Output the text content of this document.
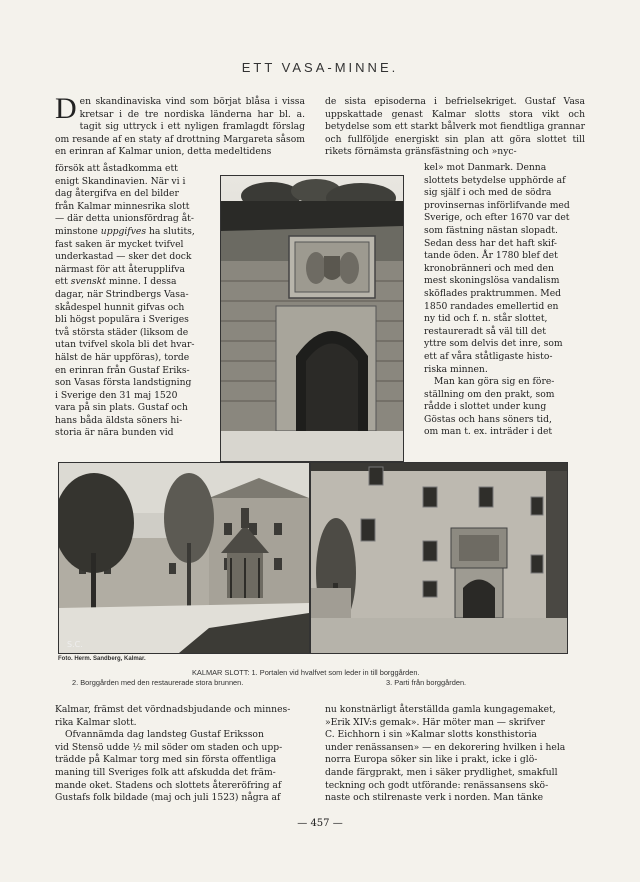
ETT VASA-MINNE.
Den skandinaviska vind som börjat blåsa i vissa kretsar i de tre nordiska länderna har bl. a. tagit sig uttryck i ett nyligen framlagdt förslag om resande af en staty af drottning Margareta såsom en erinran af Kalmar union, detta medeltidens
försök att åstadkomma ett
enigt Skandinavien. När vi i
dag återgifva en del bilder
från Kalmar minnesrika slott
— där detta unionsfördrag åt-
minstone uppgifves ha slutits,
fast saken är mycket tvifvel
underkastad — sker det dock
närmast för att återupplifva
ett svenskt minne. I dessa
dagar, när Strindbergs Vasa-
skådespel hunnit gifvas och
bli högst populära i Sveriges
två största städer (liksom de
utan tvifvel skola bli det hvar-
hälst de här uppföras), torde
en erinran från Gustaf Eriks-
son Vasas första landstigning
i Sverige den 31 maj 1520
vara på sin plats. Gustaf och
hans båda äldsta söners hi-
storia är nära bunden vid
de sista episoderna i befrielsekriget. Gustaf Vasa uppskattade genast Kalmar slotts stora vikt och betydelse som ett starkt bålverk mot fiendtliga grannar och fullföljde energiskt sin plan att göra slottet till rikets förnämsta gränsfästning och »nyc-
kel» mot Danmark. Denna
slottets betydelse upphörde af
sig själf i och med de södra
provinsernas införlifvande med
Sverige, och efter 1670 var det
som fästning nästan slopadt.
Sedan dess har det haft skif-
tande öden. År 1780 blef det
kronobränneri och med den
mest skoningslösa vandalism
sköflades praktrummen. Med
1850 randades emellertid en
ny tid och f. n. står slottet,
restaureradt så väl till det
yttre som delvis det inre, som
ett af våra ståtligaste histo-
riska minnen.
Man kan göra sig en före-
ställning om den prakt, som
rådde i slottet under kung
Göstas och hans söners tid,
om man t. ex. inträder i det
S.C.
Foto. Herm. Sandberg, Kalmar.
KALMAR SLOTT: 1. Portalen vid hvalfvet som leder in till borggården.
2. Borggården med den restaurerade stora brunnen.	3. Parti från borggården.
Kalmar, främst det vördnadsbjudande och minnes-
rika Kalmar slott.
Ofvannämda dag landsteg Gustaf Eriksson
vid Stensö udde ½ mil söder om staden och upp-
trädde på Kalmar torg med sin första offentliga
maning till Sveriges folk att afskudda det främ-
mande oket. Stadens och slottets återeröfring af
Gustafs folk bildade (maj och juli 1523) några af
nu konstnärligt återställda gamla kungagemaket,
»Erik XIV:s gemak». Här möter man — skrifver
C. Eichhorn i sin »Kalmar slotts konsthistoria
under renässansen» — en dekorering hvilken i hela
norra Europa söker sin like i prakt, icke i glö-
dande färgprakt, men i säker prydlighet, smakfull
teckning och godt utförande: renässansens skö-
naste och stilrenaste verk i norden. Man tänke
— 457 —
